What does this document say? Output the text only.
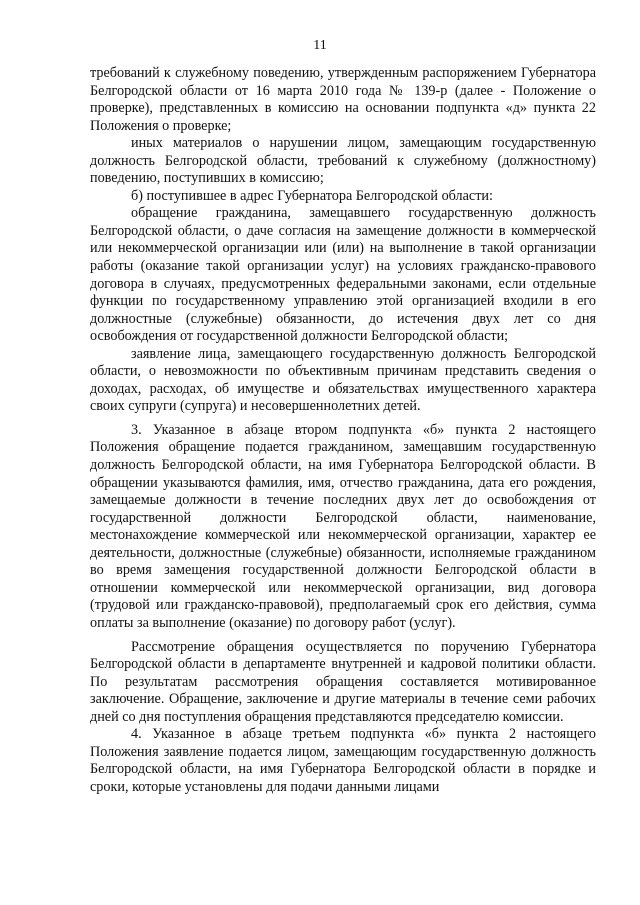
11

требований к служебному поведению, утвержденным распоряжением Губернатора Белгородской области от 16 марта 2010 года № 139-р (далее - Положение о проверке), представленных в комиссию на основании подпункта «д» пункта 22 Положения о проверке;

иных материалов о нарушении лицом, замещающим государственную должность Белгородской области, требований к служебному (должностному) поведению, поступивших в комиссию;

б) поступившее в адрес Губернатора Белгородской области:

обращение гражданина, замещавшего государственную должность Белгородской области, о даче согласия на замещение должности в коммерческой или некоммерческой организации или (или) на выполнение в такой организации работы (оказание такой организации услуг) на условиях гражданско-правового договора в случаях, предусмотренных федеральными законами, если отдельные функции по государственному управлению этой организацией входили в его должностные (служебные) обязанности, до истечения двух лет со дня освобождения от государственной должности Белгородской области;

заявление лица, замещающего государственную должность Белгородской области, о невозможности по объективным причинам представить сведения о доходах, расходах, об имуществе и обязательствах имущественного характера своих супруги (супруга) и несовершеннолетних детей.

3. Указанное в абзаце втором подпункта «б» пункта 2 настоящего Положения обращение подается гражданином, замещавшим государственную должность Белгородской области, на имя Губернатора Белгородской области. В обращении указываются фамилия, имя, отчество гражданина, дата его рождения, замещаемые должности в течение последних двух лет до освобождения от государственной должности Белгородской области, наименование, местонахождение коммерческой или некоммерческой организации, характер ее деятельности, должностные (служебные) обязанности, исполняемые гражданином во время замещения государственной должности Белгородской области в отношении коммерческой или некоммерческой организации, вид договора (трудовой или гражданско-правовой), предполагаемый срок его действия, сумма оплаты за выполнение (оказание) по договору работ (услуг).

Рассмотрение обращения осуществляется по поручению Губернатора Белгородской области в департаменте внутренней и кадровой политики области. По результатам рассмотрения обращения составляется мотивированное заключение. Обращение, заключение и другие материалы в течение семи рабочих дней со дня поступления обращения представляются председателю комиссии.

4. Указанное в абзаце третьем подпункта «б» пункта 2 настоящего Положения заявление подается лицом, замещающим государственную должность Белгородской области, на имя Губернатора Белгородской области в порядке и сроки, которые установлены для подачи данными лицами
